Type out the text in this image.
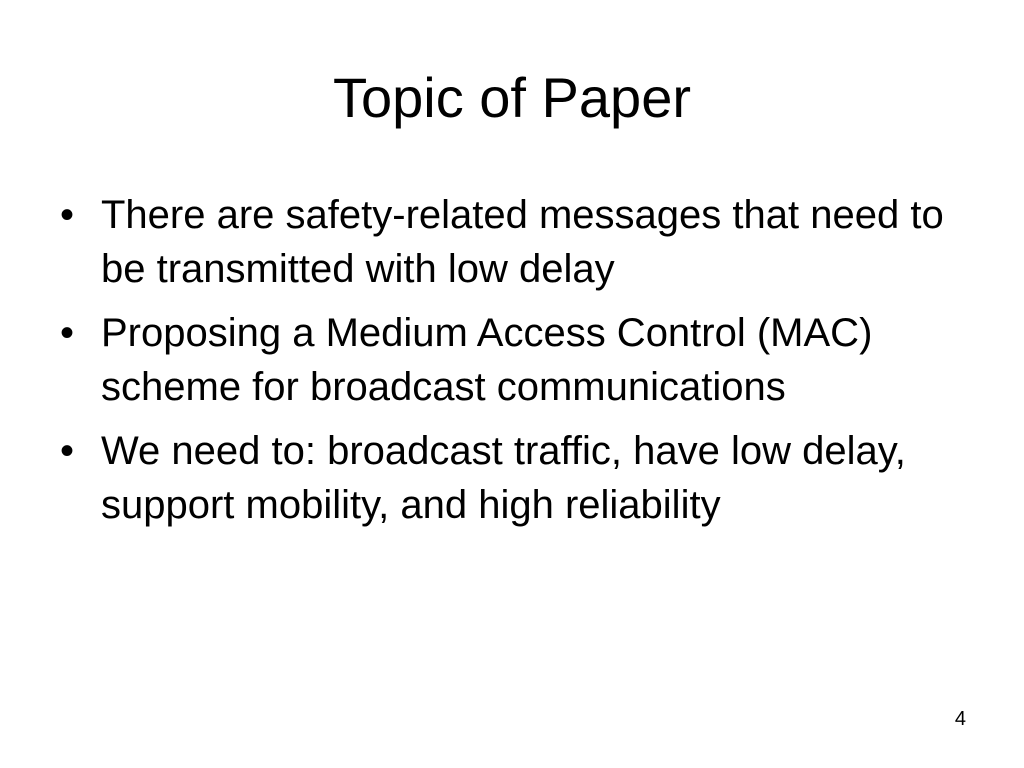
Topic of Paper
• There are safety-related messages that need to be transmitted with low delay
• Proposing a Medium Access Control (MAC) scheme for broadcast communications
• We need to: broadcast traffic, have low delay, support mobility, and high reliability
4
